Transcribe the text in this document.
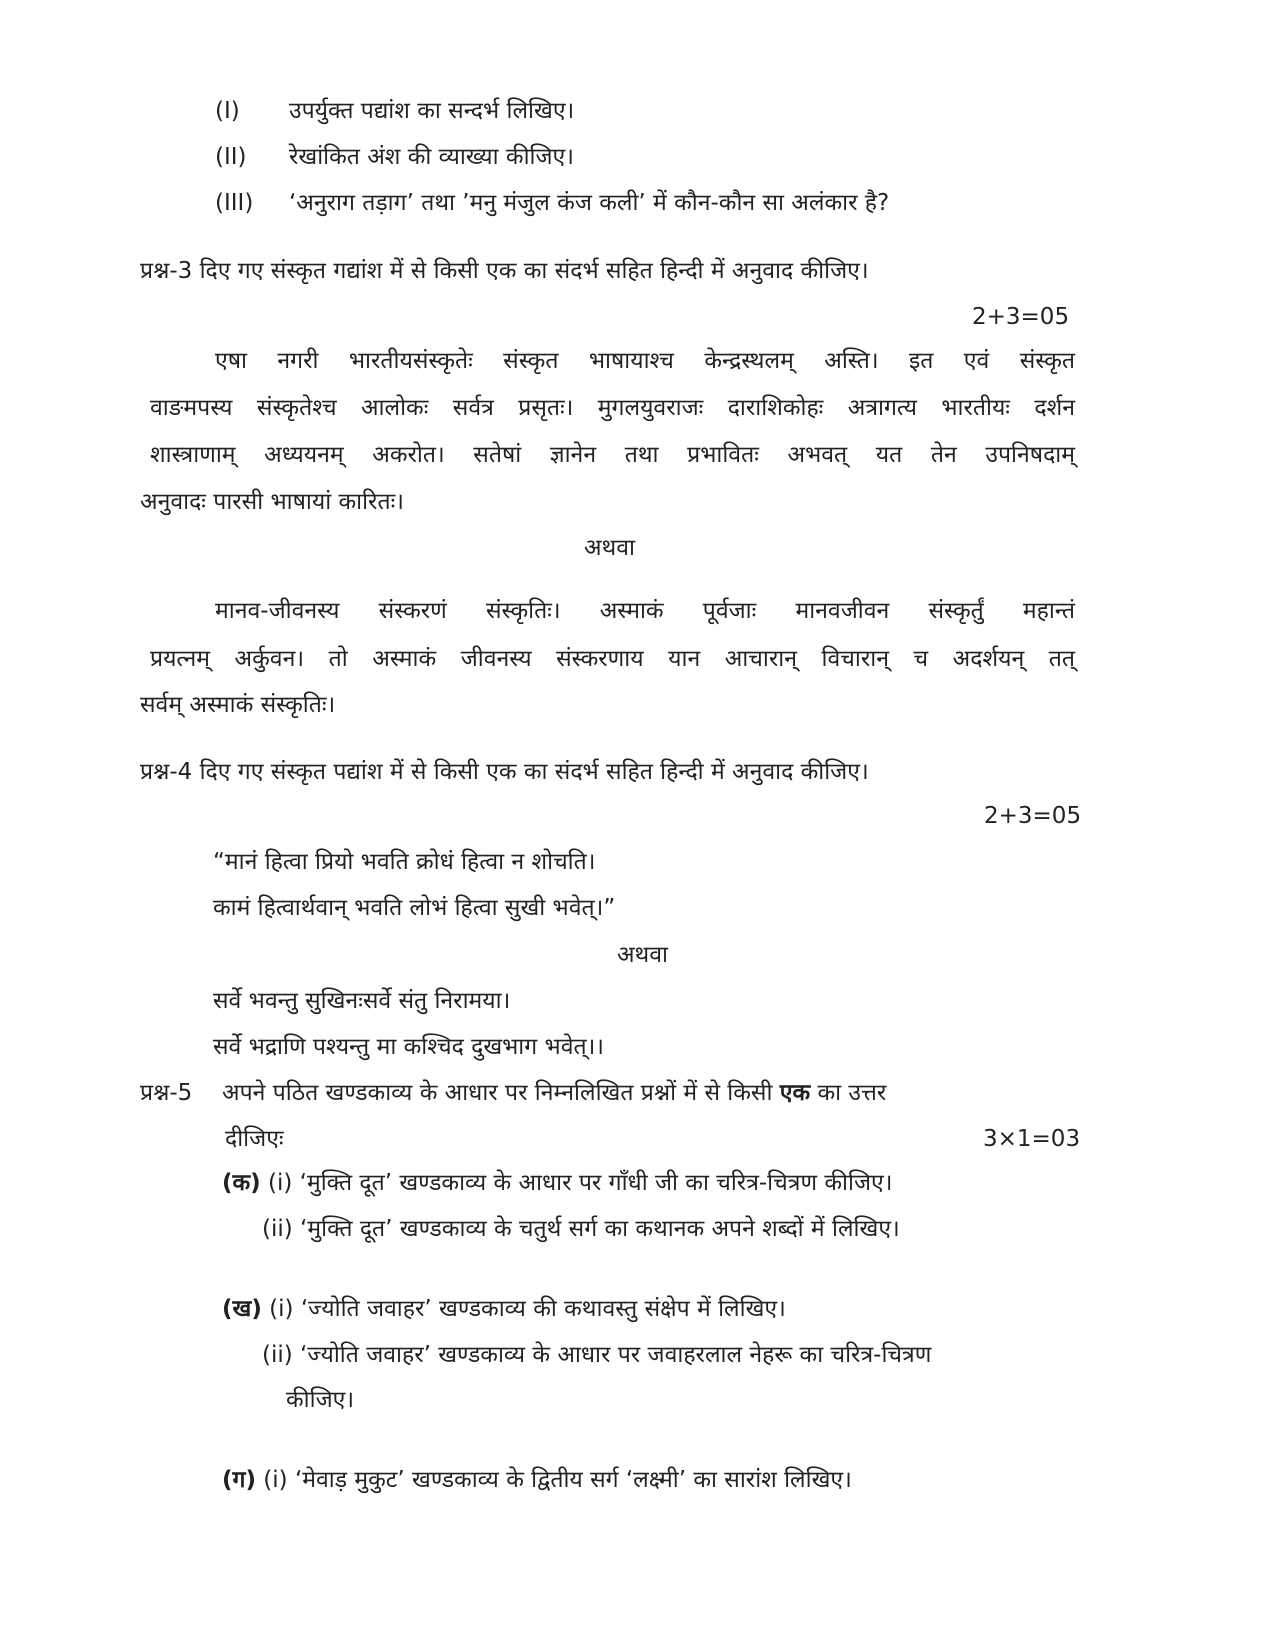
(I) उपर्युक्त पद्यांश का सन्दर्भ लिखिए।
(II) रेखांकित अंश की व्याख्या कीजिए।
(III) ‘अनुराग तड़ाग’ तथा ’मनु मंजुल कंज कली’ में कौन-कौन सा अलंकार है?
प्रश्न-3 दिए गए संस्कृत गद्यांश में से किसी एक का संदर्भ सहित हिन्दी में अनुवाद कीजिए।
2+3=05
एषा नगरी भारतीयसंस्कृतेः संस्कृत भाषायाश्च केन्द्रस्थलम् अस्ति। इत एवं संस्कृत
वाङमपस्य संस्कृतेश्च आलोकः सर्वत्र प्रसृतः। मुगलयुवराजः दाराशिकोहः अत्रागत्य भारतीयः दर्शन
शास्त्राणाम् अध्ययनम् अकरोत। सतेषां ज्ञानेन तथा प्रभावितः अभवत् यत तेन उपनिषदाम्
अनुवादः पारसी भाषायां कारितः।
अथवा
मानव-जीवनस्य संस्करणं संस्कृतिः। अस्माकं पूर्वजाः मानवजीवन संस्कृर्तुं महान्तं
प्रयत्नम् अर्कुवन। तो अस्माकं जीवनस्य संस्करणाय यान आचारान् विचारान् च अदर्शयन् तत्
सर्वम् अस्माकं संस्कृतिः।
प्रश्न-4 दिए गए संस्कृत पद्यांश में से किसी एक का संदर्भ सहित हिन्दी में अनुवाद कीजिए।
2+3=05
“मानं हित्वा प्रियो भवति क्रोधं हित्वा न शोचति।
कामं हित्वार्थवान् भवति लोभं हित्वा सुखी भवेत्।”
अथवा
सर्वे भवन्तु सुखिनःसर्वे संतु निरामया।
सर्वे भद्राणि पश्यन्तु मा कश्चिद दुखभाग भवेत्।।
प्रश्न-5 अपने पठित खण्डकाव्य के आधार पर निम्नलिखित प्रश्नों में से किसी एक का उत्तर
दीजिएः	3×1=03
(क) (i) ‘मुक्ति दूत’ खण्डकाव्य के आधार पर गाँधी जी का चरित्र-चित्रण कीजिए।
(ii) ‘मुक्ति दूत’ खण्डकाव्य के चतुर्थ सर्ग का कथानक अपने शब्दों में लिखिए।
(ख) (i) ‘ज्योति जवाहर’ खण्डकाव्य की कथावस्तु संक्षेप में लिखिए।
(ii) ‘ज्योति जवाहर’ खण्डकाव्य के आधार पर जवाहरलाल नेहरू का चरित्र-चित्रण
कीजिए।
(ग) (i) ‘मेवाड़ मुकुट’ खण्डकाव्य के द्वितीय सर्ग ‘लक्ष्मी’ का सारांश लिखिए।
